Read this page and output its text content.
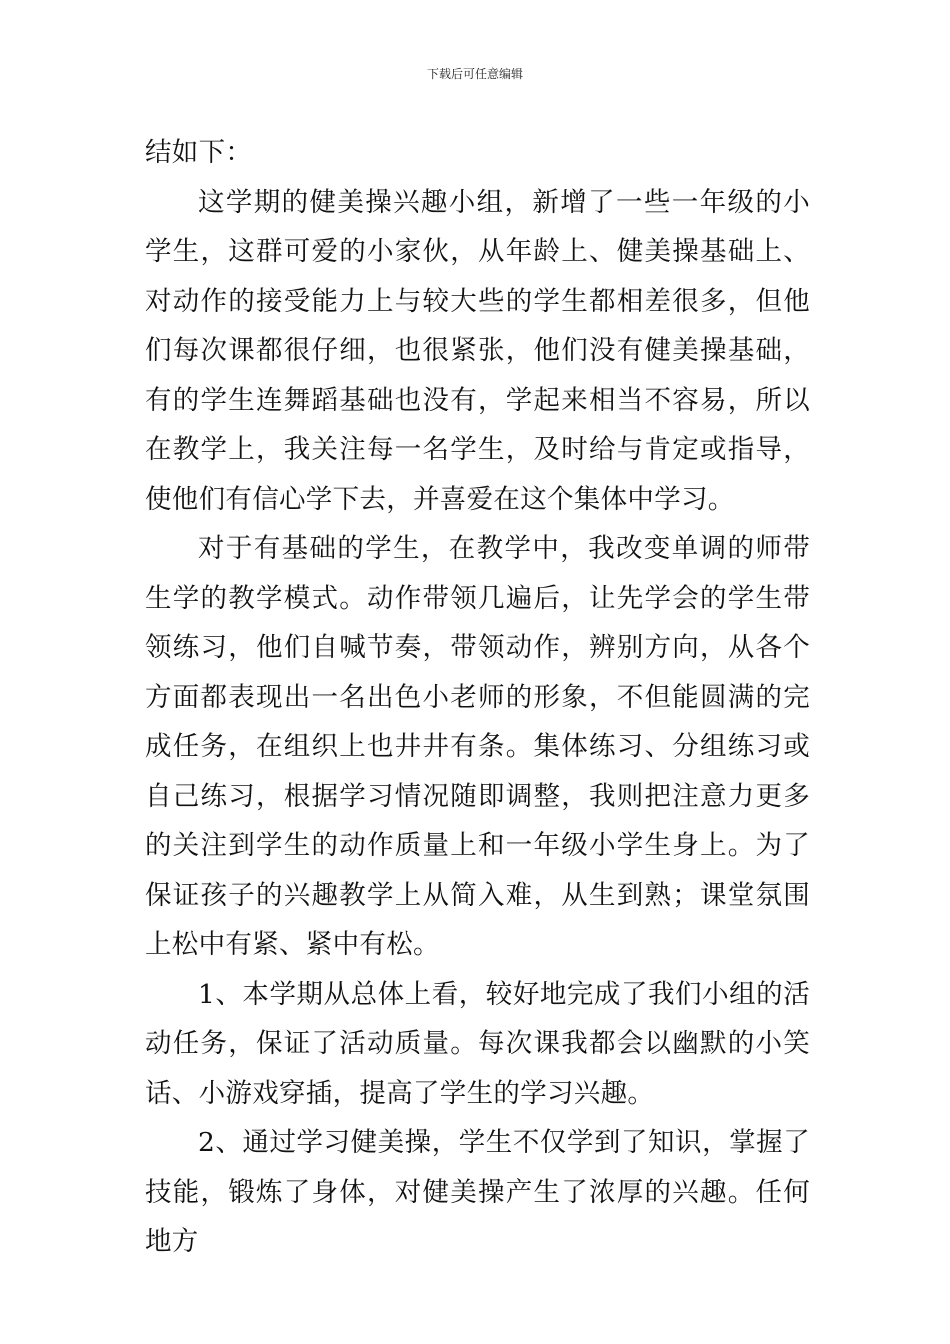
下载后可任意编辑

结如下：

这学期的健美操兴趣小组，新增了一些一年级的小学生，这群可爱的小家伙，从年龄上、健美操基础上、对动作的接受能力上与较大些的学生都相差很多，但他们每次课都很仔细，也很紧张，他们没有健美操基础，有的学生连舞蹈基础也没有，学起来相当不容易，所以在教学上，我关注每一名学生，及时给与肯定或指导，使他们有信心学下去，并喜爱在这个集体中学习。

对于有基础的学生，在教学中，我改变单调的师带生学的教学模式。动作带领几遍后，让先学会的学生带领练习，他们自喊节奏，带领动作，辨别方向，从各个方面都表现出一名出色小老师的形象，不但能圆满的完成任务，在组织上也井井有条。集体练习、分组练习或自己练习，根据学习情况随即调整，我则把注意力更多的关注到学生的动作质量上和一年级小学生身上。为了保证孩子的兴趣教学上从简入难，从生到熟；课堂氛围上松中有紧、紧中有松。

1、本学期从总体上看，较好地完成了我们小组的活动任务，保证了活动质量。每次课我都会以幽默的小笑话、小游戏穿插，提高了学生的学习兴趣。

2、通过学习健美操，学生不仅学到了知识，掌握了技能，锻炼了身体，对健美操产生了浓厚的兴趣。任何地方
